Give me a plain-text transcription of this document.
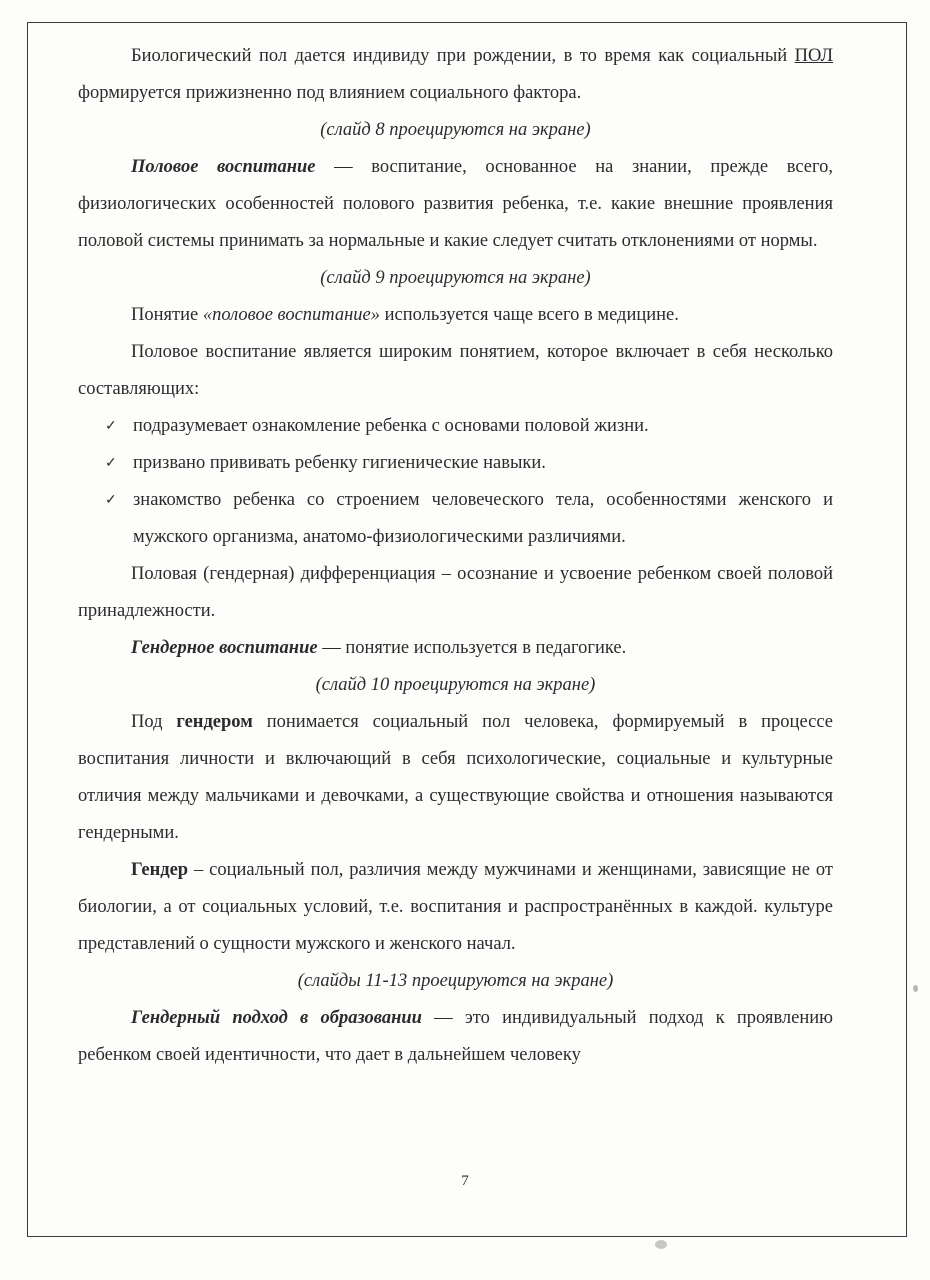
Биологический пол дается индивиду при рождении, в то время как социальный ПОЛ формируется прижизненно под влиянием социального фактора.

(слайд 8 проецируются на экране)

Половое воспитание — воспитание, основанное на знании, прежде всего, физиологических особенностей полового развития ребенка, т.е. какие внешние проявления половой системы принимать за нормальные и какие следует считать отклонениями от нормы.

(слайд 9 проецируются на экране)

Понятие «половое воспитание» используется чаще всего в медицине.

Половое воспитание является широким понятием, которое включает в себя несколько составляющих:

✓ подразумевает ознакомление ребенка с основами половой жизни.
✓ призвано прививать ребенку гигиенические навыки.
✓ знакомство ребенка со строением человеческого тела, особенностями женского и мужского организма, анатомо-физиологическими различиями.

Половая (гендерная) дифференциация – осознание и усвоение ребенком своей половой принадлежности.

Гендерное воспитание — понятие используется в педагогике.

(слайд 10 проецируются на экране)

Под гендером понимается социальный пол человека, формируемый в процессе воспитания личности и включающий в себя психологические, социальные и культурные отличия между мальчиками и девочками, а существующие свойства и отношения называются гендерными.

Гендер – социальный пол, различия между мужчинами и женщинами, зависящие не от биологии, а от социальных условий, т.е. воспитания и распространённых в каждой. культуре представлений о сущности мужского и женского начал.

(слайды 11-13 проецируются на экране)

Гендерный подход в образовании — это индивидуальный подход к проявлению ребенком своей идентичности, что дает в дальнейшем человеку

7
